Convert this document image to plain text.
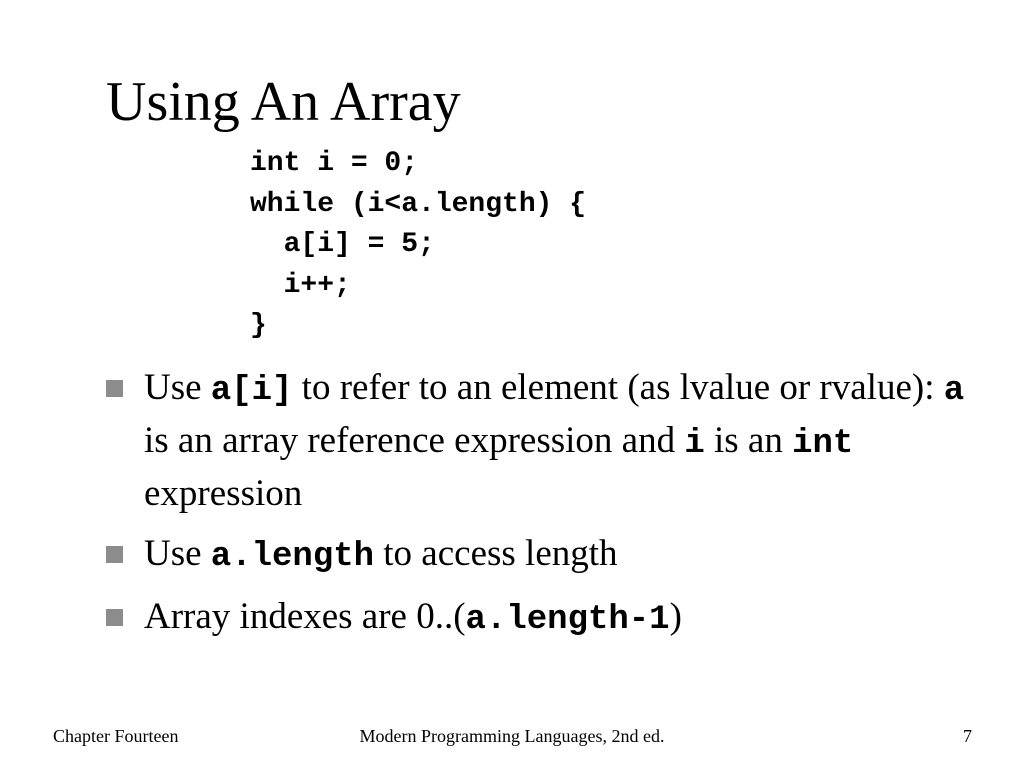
Using An Array
int i = 0;
while (i<a.length) {
a[i] = 5;
i++;
}
Use a[i] to refer to an element (as lvalue or rvalue): a is an array reference expression and i is an int expression
Use a.length to access length
Array indexes are 0..(a.length-1)
Chapter Fourteen	Modern Programming Languages, 2nd ed.	7
